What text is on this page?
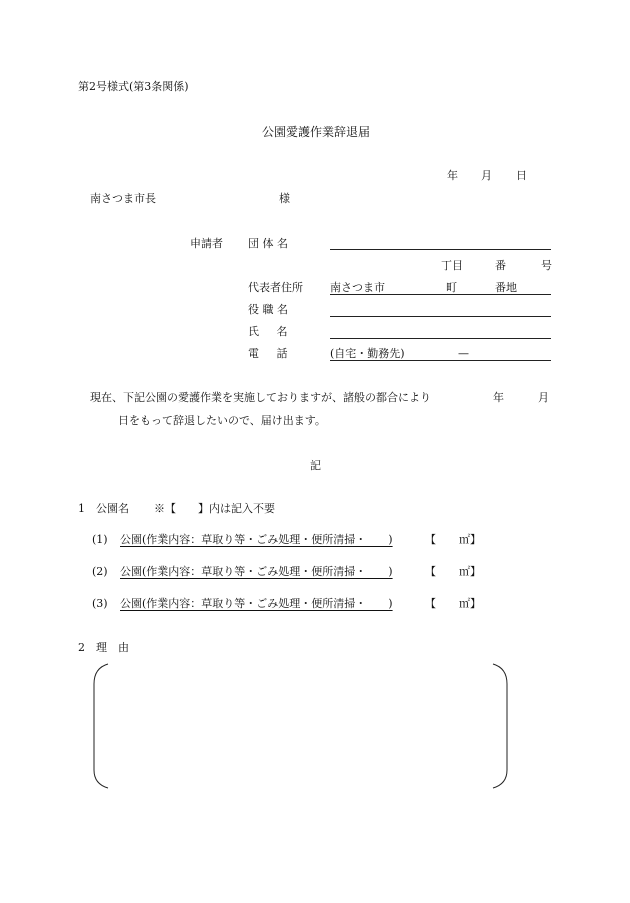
第2号様式(第3条関係)
公園愛護作業辞退届
年 月 日
南さつま市長	様
申請者 団 体 名
丁目	番	号
代表者住所 南さつま市	町	番地
役 職 名
氏     名
電     話	(自宅・勤務先)	—
現在、下記公園の愛護作業を実施しておりますが、諸般の都合により	年	月
日をもって辞退したいので、届け出ます。
記
1　公園名 ※【　　】内は記入不要
(1) 公園(作業内容：草取り等・ごみ処理・便所清掃・　　)	【 ㎡】
(2) 公園(作業内容：草取り等・ごみ処理・便所清掃・　　)	【 ㎡】
(3) 公園(作業内容：草取り等・ごみ処理・便所清掃・　　)	【 ㎡】
2　理　由
